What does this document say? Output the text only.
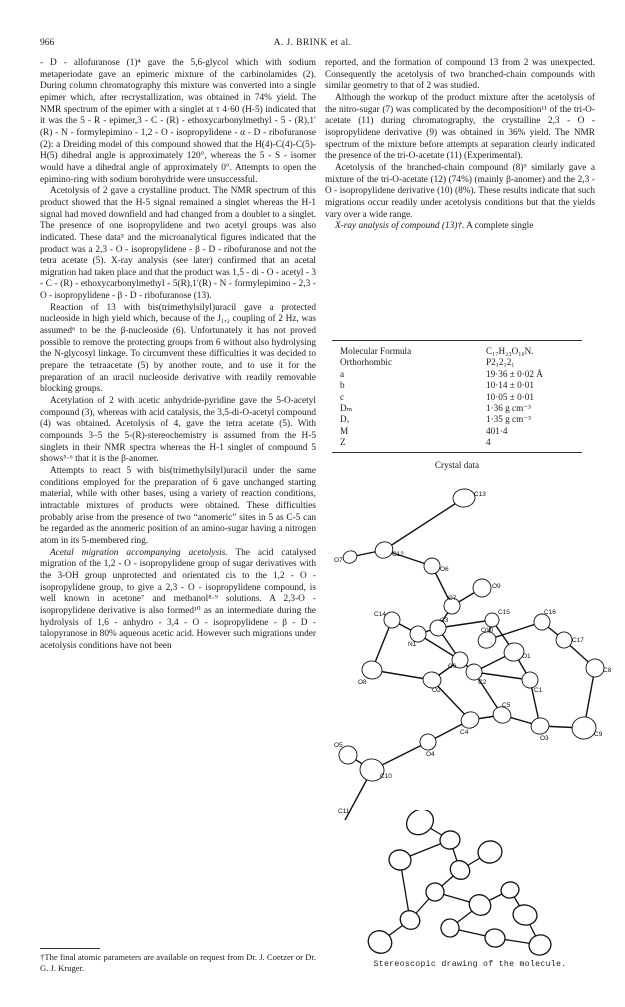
966	A. J. BRINK et al.

- D - allofuranose (1)⁴ gave the 5,6-glycol which with sodium metaperiodate gave an epimeric mixture of the carbinolamides (2). During column chromatography this mixture was converted into a single epimer which, after recrystallization, was obtained in 74% yield. The NMR spectrum of the epimer with a singlet at τ 4·60 (H-5) indicated that it was the 5 - R - epimer,3 - C - (R) - ethoxycarbonylmethyl - 5 - (R),1′(R) - N - formylepimino - 1,2 - O - isopropylidene - α - D - ribofuranose (2): a Dreiding model of this compound showed that the H(4)-C(4)-C(5)-H(5) dihedral angle is approximately 120°, whereas the 5 - S - isomer would have a dihedral angle of approximately 0°. Attempts to open the epimino-ring with sodium borohydride were unsuccessful.

Acetolysis of 2 gave a crystalline product. The NMR spectrum of this product showed that the H-5 signal remained a singlet whereas the H-1 signal had moved downfield and had changed from a doublet to a singlet. The presence of one isopropylidene and two acetyl groups was also indicated. These data⁵ and the microanalytical figures indicated that the product was a 2,3 - O - isopropylidene - β - D - ribofuranose and not the tetra acetate (5). X-ray analysis (see later) confirmed that an acetal migration had taken place and that the product was 1,5 - di - O - acetyl - 3 - C - (R) - ethoxycarbonylmethyl - 5(R),1′(R) - N - formylepimino - 2,3 - O - isopropylidene - β - D - ribofuranose (13).

Reaction of 13 with bis(trimethylsilyl)uracil gave a protected nucleoside in high yield which, because of the J₁,₂ coupling of 2 Hz, was assumed⁶ to be the β-nucleoside (6). Unfortunately it has not proved possible to remove the protecting groups from 6 without also hydrolysing the N-glycosyl linkage. To circumvent these difficulties it was decided to prepare the tetraacetate (5) by another route, and to use it for the preparation of an uracil nucleoside derivative with readily removable blocking groups.

Acetylation of 2 with acetic anhydride-pyridine gave the 5-O-acetyl compound (3), whereas with acid catalysis, the 3,5-di-O-acetyl compound (4) was obtained. Acetolysis of 4, gave the tetra acetate (5). With compounds 3–5 the 5-(R)-stereochemistry is assumed from the H-5 singlets in their NMR spectra whereas the H-1 singlet of compound 5 shows⁵·⁶ that it is the β-anomer.

Attempts to react 5 with bis(trimethylsilyl)uracil under the same conditions employed for the preparation of 6 gave unchanged starting material, while with other bases, using a variety of reaction conditions, intractable mixtures of products were obtained. These difficulties probably arise from the presence of two “anomeric” sites in 5 as C-5 can be regarded as the anomeric position of an amino-sugar having a nitrogen atom in its 5-membered ring.

Acetal migration accompanying acetolysis. The acid catalysed migration of the 1,2 - O - isopropylidene group of sugar derivatives with the 3-OH group unprotected and orientated cis to the 1,2 - O - isopropylidene group, to give a 2,3 - O - isopropylidene compound, is well known in acetone⁷ and methanol⁸·⁹ solutions. A 2,3-O - isopropylidene derivative is also formed¹⁰ as an intermediate during the hydrolysis of 1,6 - anhydro - 3,4 - O - isopropylidene - β - D - talopyranose in 80% aqueous acetic acid. However such migrations under acetolysis conditions have not been

reported, and the formation of compound 13 from 2 was unexpected. Consequently the acetolysis of two branched-chain compounds with similar geometry to that of 2 was studied.

Although the workup of the product mixture after the acetolysis of the nitro-sugar (7) was complicated by the decomposition¹¹ of the tri-O-acetate (11) during chromatography, the crystalline 2,3 - O - isopropylidene derivative (9) was obtained in 36% yield. The NMR spectrum of the mixture before attempts at separation clearly indicated the presence of the tri-O-acetate (11) (Experimental).

Acetolysis of the branched-chain compound (8)⁹ similarly gave a mixture of the tri-O-acetate (12) (74%) (mainly β-anomer) and the 2,3 - O - isopropylidene derivative (10) (8%). These results indicate that such migrations occur readily under acetolysis conditions but that the yields vary over a wide range.

X-ray analysis of compound (13)†. A complete single

Molecular Formula	C₁₇H₂₃O₁₀N.
Orthorhombic	P2₁2₁2₁
a	19·36 ± 0·02 Å
b	10·14 ± 0·01
c	10·05 ± 0·01
Dₘ	1·36 g cm⁻³
Dₓ	1·35 g cm⁻³
M	401·4
Z	4
Crystal data
C13
O7
C12
O6
O9
C7
C14
C3
C15	C16
O10
C17
N1
O1
C6
C2
C8
O8
O2	C1
O5
C4
C5
O3
C9
O4
C10
C11
Stereoscopic drawing of the molecule.
†The final atomic parameters are available on request from Dr. J. Coetzer or Dr. G. J. Kruger.
